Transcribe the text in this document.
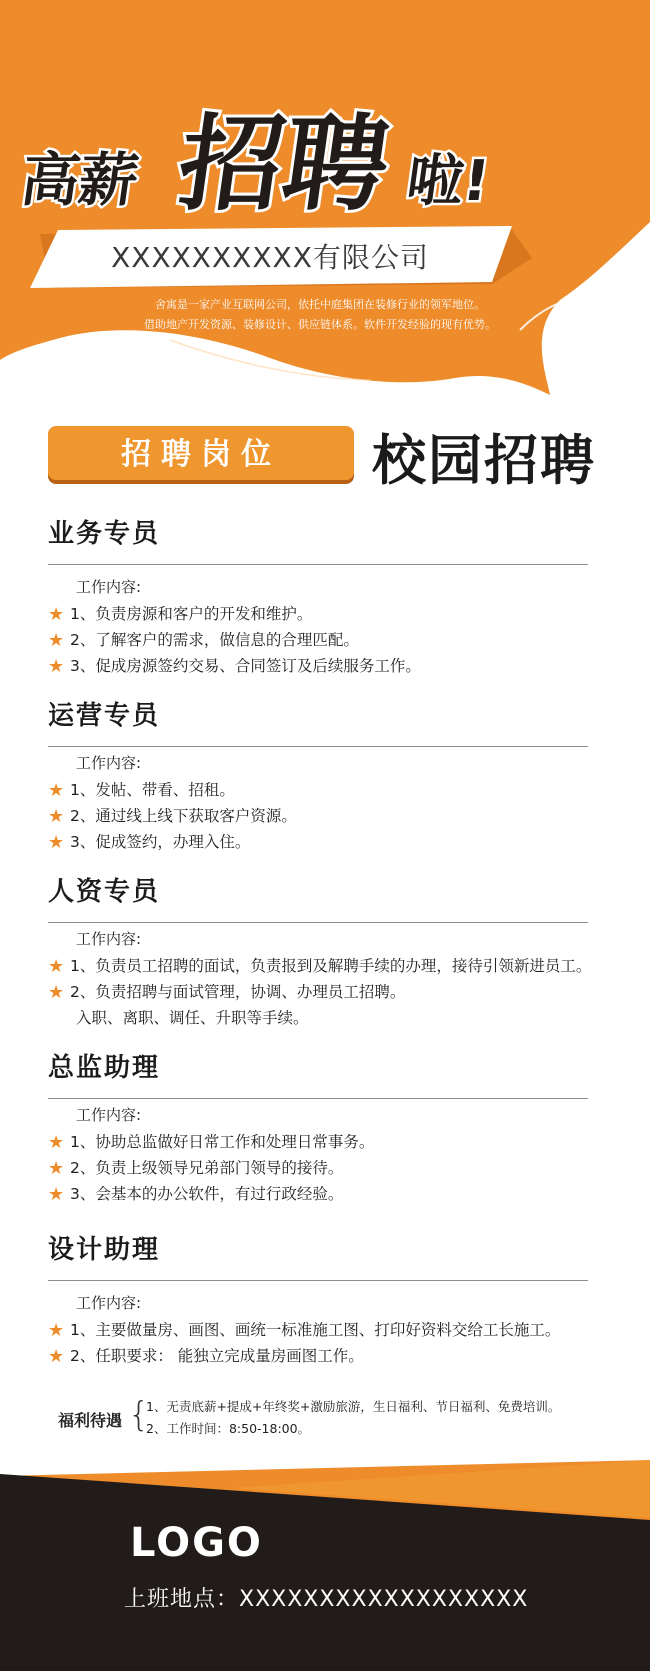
高薪 招聘 啦!
XXXXXXXXXX有限公司
舍寓是一家产业互联网公司，依托中庭集团在装修行业的领军地位。
借助地产开发资源、装修设计、供应链体系。软件开发经验的现有优势。
招聘岗位	校园招聘
业务专员
工作内容:
★ 1、负责房源和客户的开发和维护。
★ 2、了解客户的需求，做信息的合理匹配。
★ 3、促成房源签约交易、合同签订及后续服务工作。
运营专员
工作内容:
★ 1、发帖、带看、招租。
★ 2、通过线上线下获取客户资源。
★ 3、促成签约，办理入住。
人资专员
工作内容:
★ 1、负责员工招聘的面试，负责报到及解聘手续的办理，接待引领新进员工。
★ 2、负责招聘与面试管理，协调、办理员工招聘。
入职、离职、调任、升职等手续。
总监助理
工作内容:
★ 1、协助总监做好日常工作和处理日常事务。
★ 2、负责上级领导兄弟部门领导的接待。
★ 3、会基本的办公软件，有过行政经验。
设计助理
工作内容:
★ 1、主要做量房、画图、画统一标准施工图、打印好资料交给工长施工。
★ 2、任职要求： 能独立完成量房画图工作。
福利待遇 {
1、无责底薪+提成+年终奖+激励旅游，生日福利、节日福利、免费培训。
2、工作时间：8:50-18:00。
LOGO
上班地点：XXXXXXXXXXXXXXXXXX
